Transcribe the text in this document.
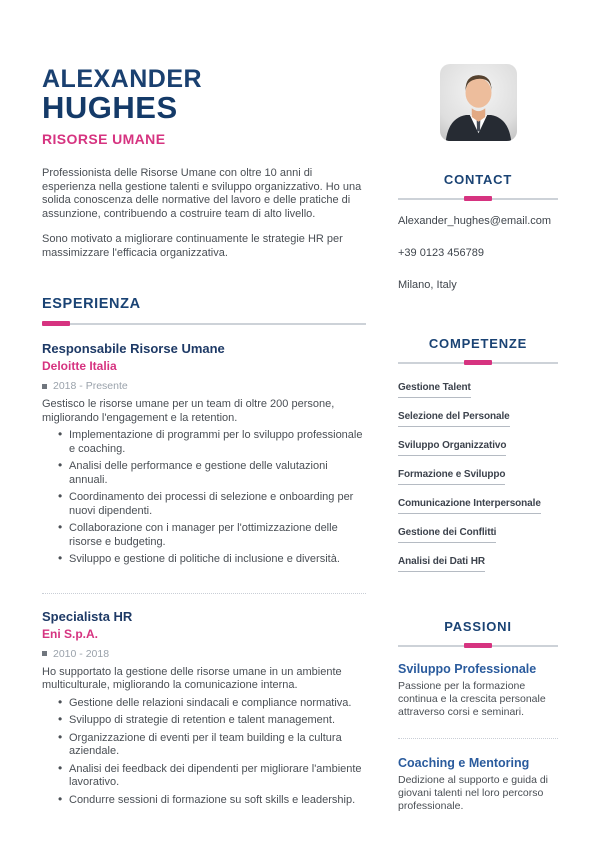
ALEXANDER
HUGHES
RISORSE UMANE

Professionista delle Risorse Umane con oltre 10 anni di esperienza nella gestione talenti e sviluppo organizzativo. Ho una solida conoscenza delle normative del lavoro e delle pratiche di assunzione, contribuendo a costruire team di alto livello.

Sono motivato a migliorare continuamente le strategie HR per massimizzare l'efficacia organizzativa.

ESPERIENZA
Responsabile Risorse Umane
Deloitte Italia
2018 - Presente
Gestisco le risorse umane per un team di oltre 200 persone, migliorando l'engagement e la retention.
• Implementazione di programmi per lo sviluppo professionale e coaching.
• Analisi delle performance e gestione delle valutazioni annuali.
• Coordinamento dei processi di selezione e onboarding per nuovi dipendenti.
• Collaborazione con i manager per l'ottimizzazione delle risorse e budgeting.
• Sviluppo e gestione di politiche di inclusione e diversità.
Specialista HR
Eni S.p.A.
2010 - 2018
Ho supportato la gestione delle risorse umane in un ambiente multiculturale, migliorando la comunicazione interna.
• Gestione delle relazioni sindacali e compliance normativa.
• Sviluppo di strategie di retention e talent management.
• Organizzazione di eventi per il team building e la cultura aziendale.
• Analisi dei feedback dei dipendenti per migliorare l'ambiente lavorativo.
• Condurre sessioni di formazione su soft skills e leadership.
CONTACT
Alexander_hughes@email.com
+39 0123 456789
Milano, Italy
COMPETENZE
Gestione Talent
Selezione del Personale
Sviluppo Organizzativo
Formazione e Sviluppo
Comunicazione Interpersonale
Gestione dei Conflitti
Analisi dei Dati HR
PASSIONI
Sviluppo Professionale
Passione per la formazione continua e la crescita personale attraverso corsi e seminari.
Coaching e Mentoring
Dedizione al supporto e guida di giovani talenti nel loro percorso professionale.
